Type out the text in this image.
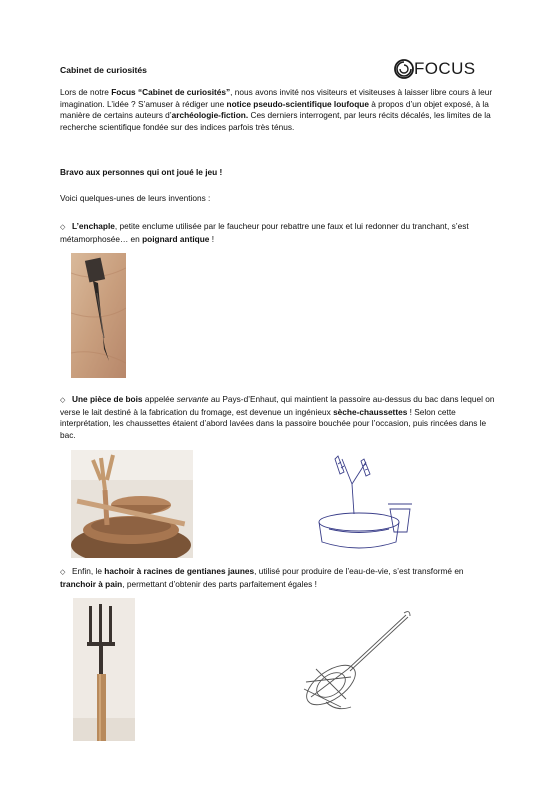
Cabinet de curiosités	FOCUS
Lors de notre Focus “Cabinet de curiosités”, nous avons invité nos visiteurs et visiteuses à laisser libre cours à leur imagination. L’idée ? S’amuser à rédiger une notice pseudo-scientifique loufoque à propos d’un objet exposé, à la manière de certains auteurs d’archéologie-fiction. Ces derniers interrogent, par leurs récits décalés, les limites de la recherche scientifique fondée sur des indices parfois très ténus.
Bravo aux personnes qui ont joué le jeu !
Voici quelques-unes de leurs inventions :
◇ L’enchaple, petite enclume utilisée par le faucheur pour rebattre une faux et lui redonner du tranchant, s’est métamorphosée… en poignard antique !
◇ Une pièce de bois appelée servante au Pays-d’Enhaut, qui maintient la passoire au-dessus du bac dans lequel on verse le lait destiné à la fabrication du fromage, est devenue un ingénieux sèche-chaussettes ! Selon cette interprétation, les chaussettes étaient d’abord lavées dans la passoire bouchée pour l’occasion, puis rincées dans le bac.
◇ Enfin, le hachoir à racines de gentianes jaunes, utilisé pour produire de l’eau-de-vie, s’est transformé en tranchoir à pain, permettant d’obtenir des parts parfaitement égales !
